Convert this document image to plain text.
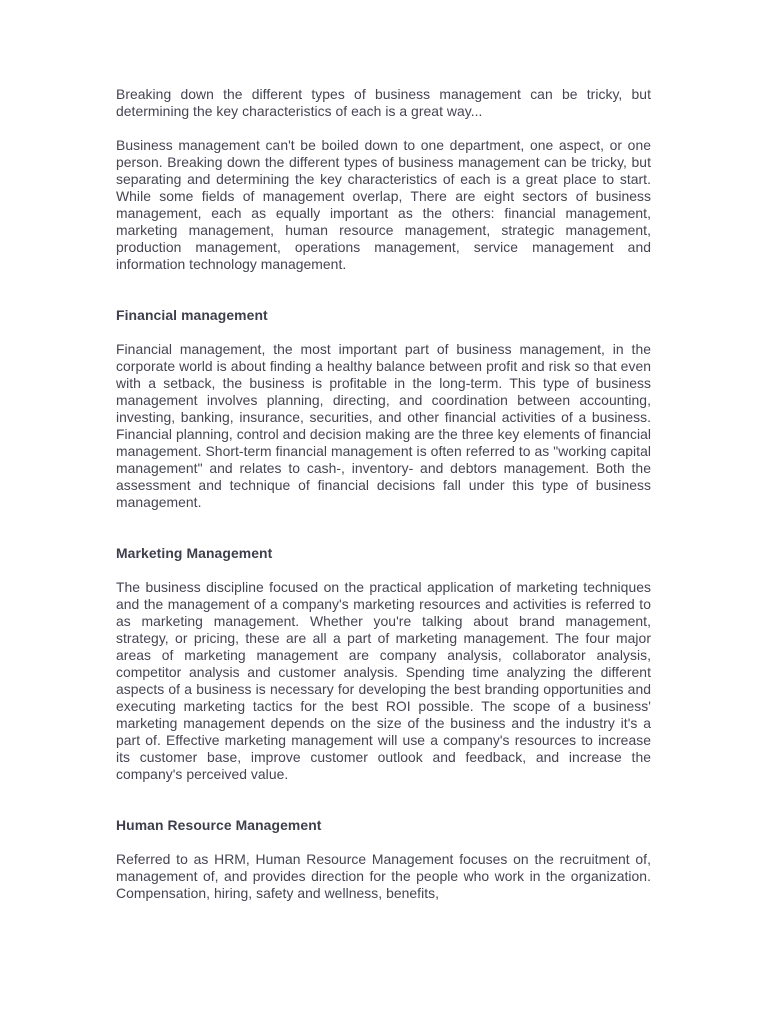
Breaking down the different types of business management can be tricky, but determining the key characteristics of each is a great way...

Business management can't be boiled down to one department, one aspect, or one person. Breaking down the different types of business management can be tricky, but separating and determining the key characteristics of each is a great place to start. While some fields of management overlap, There are eight sectors of business management, each as equally important as the others: financial management, marketing management, human resource management, strategic management, production management, operations management, service management and information technology management.

Financial management

Financial management, the most important part of business management, in the corporate world is about finding a healthy balance between profit and risk so that even with a setback, the business is profitable in the long-term. This type of business management involves planning, directing, and coordination between accounting, investing, banking, insurance, securities, and other financial activities of a business. Financial planning, control and decision making are the three key elements of financial management. Short-term financial management is often referred to as "working capital management" and relates to cash-, inventory- and debtors management. Both the assessment and technique of financial decisions fall under this type of business management.

Marketing Management

The business discipline focused on the practical application of marketing techniques and the management of a company's marketing resources and activities is referred to as marketing management. Whether you're talking about brand management, strategy, or pricing, these are all a part of marketing management. The four major areas of marketing management are company analysis, collaborator analysis, competitor analysis and customer analysis. Spending time analyzing the different aspects of a business is necessary for developing the best branding opportunities and executing marketing tactics for the best ROI possible. The scope of a business' marketing management depends on the size of the business and the industry it's a part of. Effective marketing management will use a company's resources to increase its customer base, improve customer outlook and feedback, and increase the company's perceived value.

Human Resource Management

Referred to as HRM, Human Resource Management focuses on the recruitment of, management of, and provides direction for the people who work in the organization. Compensation, hiring, safety and wellness, benefits,
